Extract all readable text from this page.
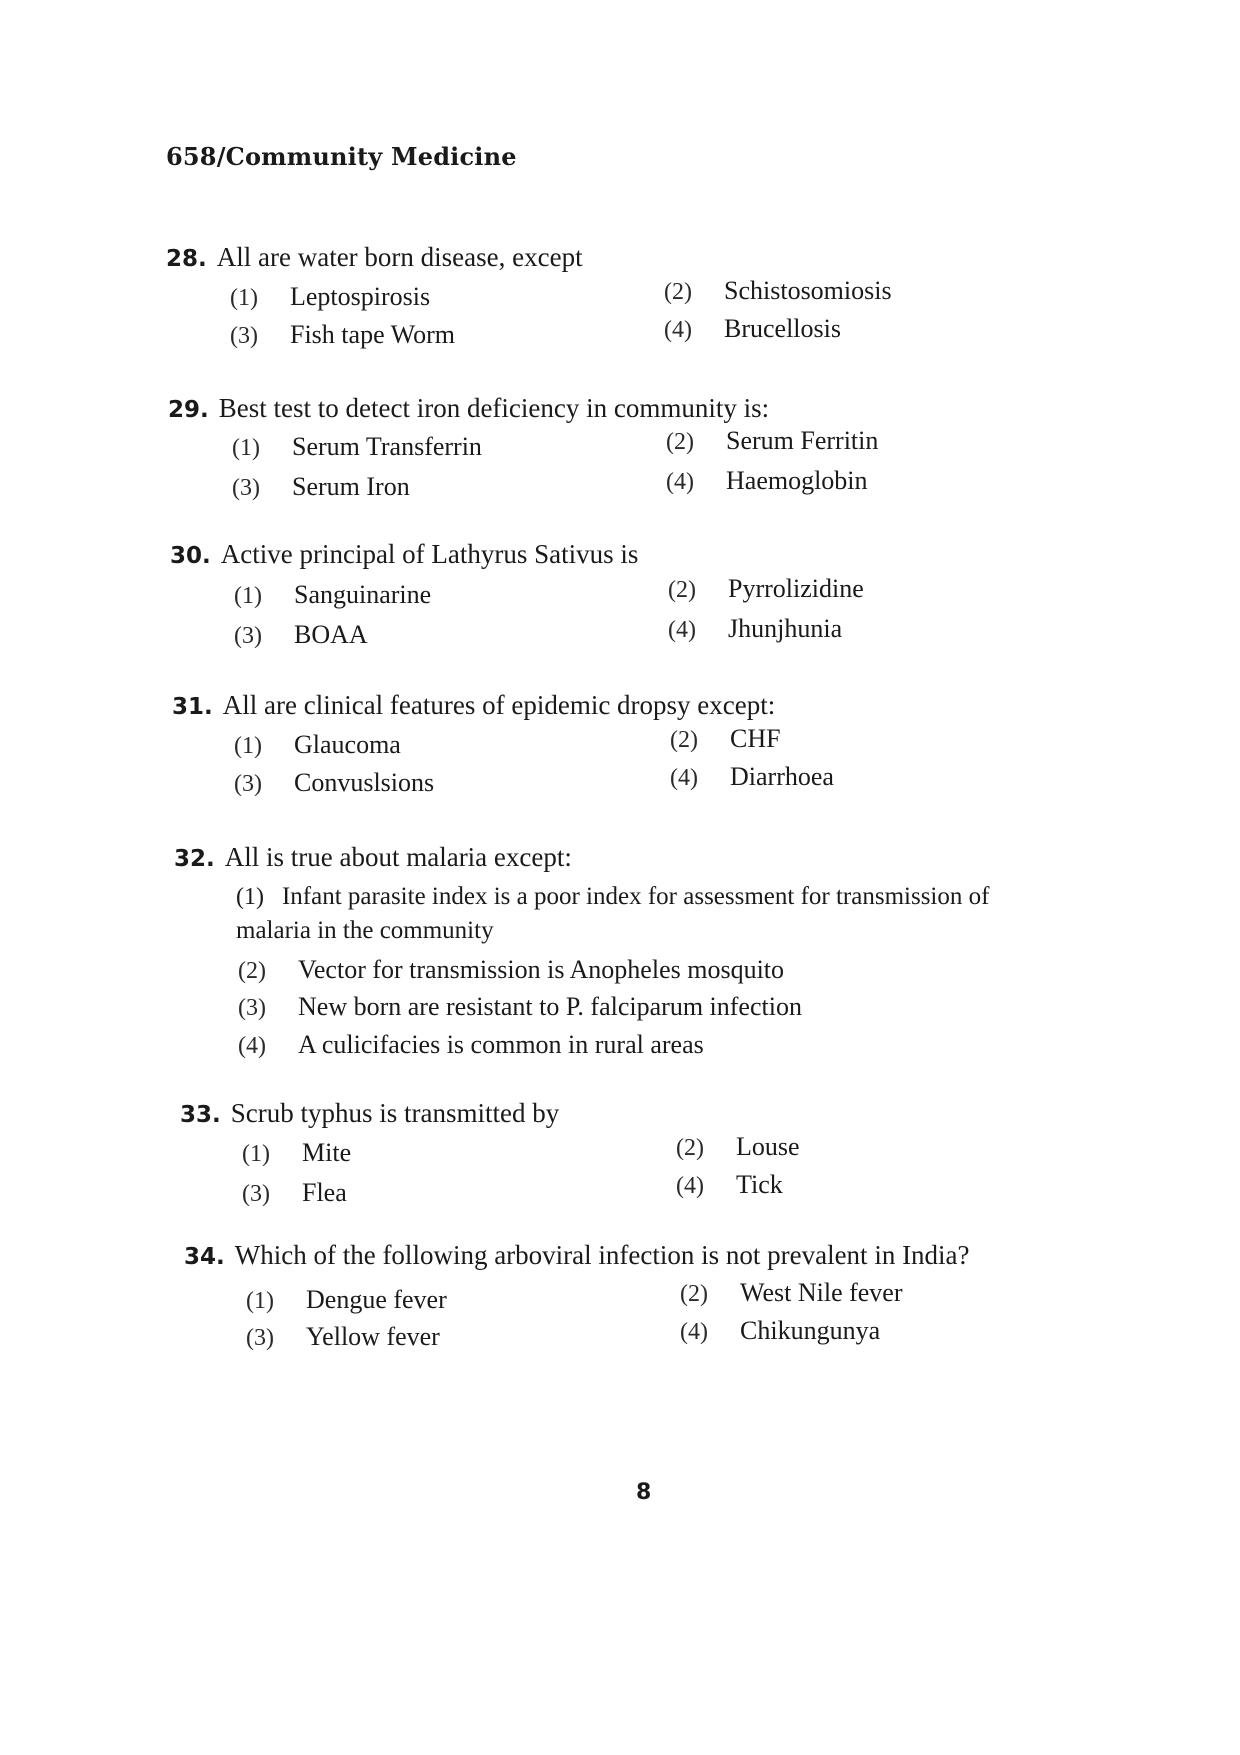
658/Community Medicine
28. All are water born disease, except
(1) Leptospirosis	(2) Schistosomiosis
(3) Fish tape Worm	(4) Brucellosis
29. Best test to detect iron deficiency in community is:
(1) Serum Transferrin	(2) Serum Ferritin
(3) Serum Iron	(4) Haemoglobin
30. Active principal of Lathyrus Sativus is
(1) Sanguinarine	(2) Pyrrolizidine
(3) BOAA	(4) Jhunjhunia
31. All are clinical features of epidemic dropsy except:
(1) Glaucoma	(2) CHF
(3) Convuslsions	(4) Diarrhoea
32. All is true about malaria except:
(1) Infant parasite index is a poor index for assessment for transmission of malaria in the community
(2) Vector for transmission is Anopheles mosquito
(3) New born are resistant to P. falciparum infection
(4) A culicifacies is common in rural areas
33. Scrub typhus is transmitted by
(1) Mite	(2) Louse
(3) Flea	(4) Tick
34. Which of the following arboviral infection is not prevalent in India?
(1) Dengue fever	(2) West Nile fever
(3) Yellow fever	(4) Chikungunya
8
